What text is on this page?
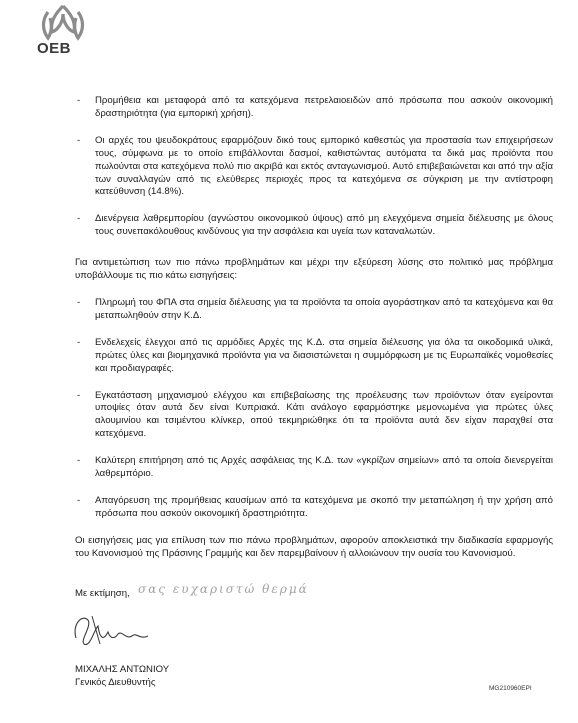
OEB
- Προμήθεια και μεταφορά από τα κατεχόμενα πετρελαιοειδών από πρόσωπα που ασκούν οικονομική δραστηριότητα (για εμπορική χρήση).
- Οι αρχές του ψευδοκράτους εφαρμόζουν δικό τους εμπορικό καθεστώς για προστασία των επιχειρήσεων τους, σύμφωνα με το οποίο επιβάλλονται δασμοί, καθιστώντας αυτόματα τα δικά μας προϊόντα που πωλούνται στα κατεχόμενα πολύ πιο ακριβά και εκτός ανταγωνισμού. Αυτό επιβεβαιώνεται και από την αξία των συναλλαγών από τις ελεύθερες περιοχές προς τα κατεχόμενα σε σύγκριση με την αντίστροφη κατεύθυνση (14.8%).
- Διενέργεια λαθρεμπορίου (αγνώστου οικονομικού ύψους) από μη ελεγχόμενα σημεία διέλευσης με όλους τους συνεπακόλουθους κινδύνους για την ασφάλεια και υγεία των καταναλωτών.

Για αντιμετώπιση των πιο πάνω προβλημάτων και μέχρι την εξεύρεση λύσης στο πολιτικό μας πρόβλημα υποβάλλουμε τις πιο κάτω εισηγήσεις:

- Πληρωμή του ΦΠΑ στα σημεία διέλευσης για τα προϊόντα τα οποία αγοράστηκαν από τα κατεχόμενα και θα μεταπωληθούν στην Κ.Δ.
- Ενδελεχείς έλεγχοι από τις αρμόδιες Αρχές της Κ.Δ. στα σημεία διέλευσης για όλα τα οικοδομικά υλικά, πρώτες ύλες και βιομηχανικά προϊόντα για να διασιστώνεται η συμμόρφωση με τις Ευρωπαϊκές νομοθεσίες και προδιαγραφές.
- Εγκατάσταση μηχανισμού ελέγχου και επιβεβαίωσης της προέλευσης των προϊόντων όταν εγείρονται υποψίες όταν αυτά δεν είναι Κυπριακά. Κάτι ανάλογο εφαρμόστηκε μεμονωμένα για πρώτες ύλες αλουμινίου και τσιμέντου κλίνκερ, οπού τεκμηριώθηκε ότι τα προϊόντα αυτά δεν είχαν παραχθεί στα κατεχόμενα.
- Καλύτερη επιτήρηση από τις Αρχές ασφάλειας της Κ.Δ. των «γκρίζων σημείων» από τα οποία διενεργείται λαθρεμπόριο.
- Απαγόρευση της προμήθειας καυσίμων από τα κατεχόμενα με σκοπό την μεταπώληση ή την χρήση από πρόσωπα που ασκούν οικονομική δραστηριότητα.

Οι εισηγήσεις μας για επίλυση των πιο πάνω προβλημάτων, αφορούν αποκλειστικά την διαδικασία εφαρμογής του Κανονισμού της Πράσινης Γραμμής και δεν παρεμβαίνουν ή αλλοιώνουν την ουσία του Κανονισμού.

Με εκτίμηση, σας ευχαριστώ θερμά
ΜΙΧΑΛΗΣ ΑΝΤΩΝΙΟΥ
Γενικός Διευθυντής
MG210960EPI
